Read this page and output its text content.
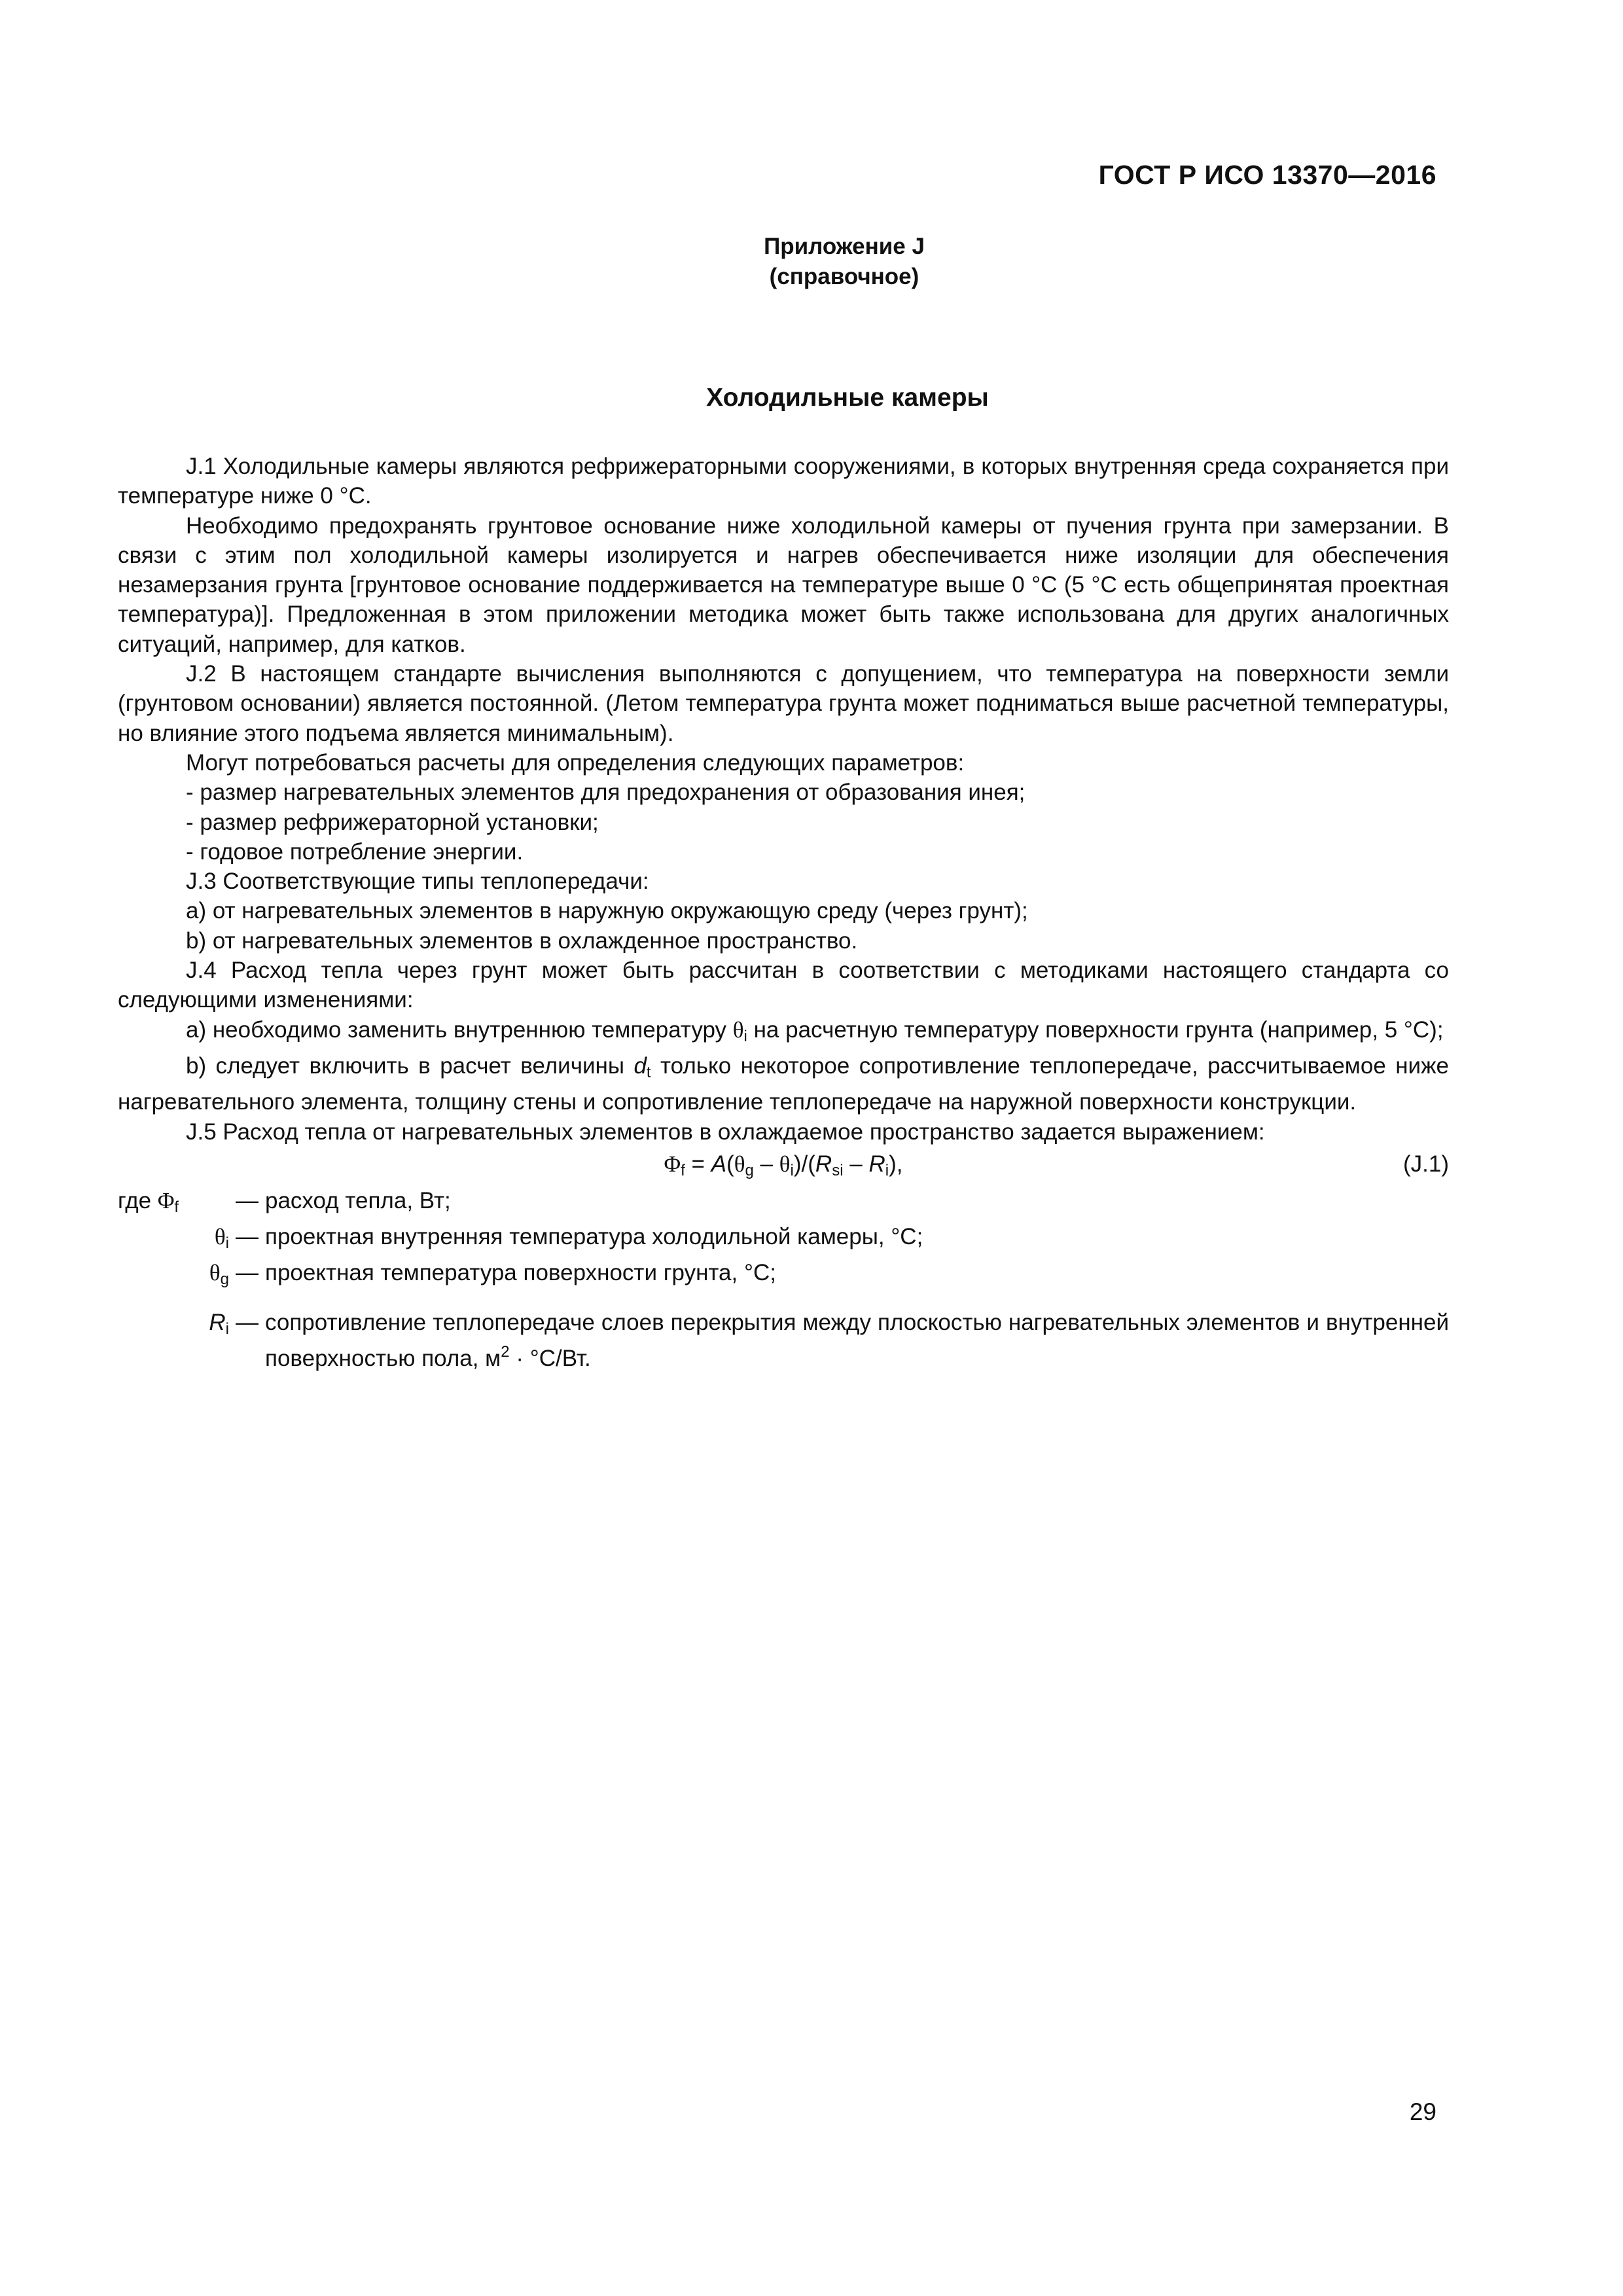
ГОСТ Р ИСО 13370—2016
Приложение J
(справочное)
Холодильные камеры

J.1 Холодильные камеры являются рефрижераторными сооружениями, в которых внутренняя среда сохраняется при температуре ниже 0 °С.

Необходимо предохранять грунтовое основание ниже холодильной камеры от пучения грунта при замерзании. В связи с этим пол холодильной камеры изолируется и нагрев обеспечивается ниже изоляции для обеспечения незамерзания грунта [грунтовое основание поддерживается на температуре выше 0 °С (5 °С есть общепринятая проектная температура)]. Предложенная в этом приложении методика может быть также использована для других аналогичных ситуаций, например, для катков.

J.2 В настоящем стандарте вычисления выполняются с допущением, что температура на поверхности земли (грунтовом основании) является постоянной. (Летом температура грунта может подниматься выше расчетной температуры, но влияние этого подъема является минимальным).

Могут потребоваться расчеты для определения следующих параметров:

- размер нагревательных элементов для предохранения от образования инея;

- размер рефрижераторной установки;

- годовое потребление энергии.

J.3 Соответствующие типы теплопередачи:

a) от нагревательных элементов в наружную окружающую среду (через грунт);

b) от нагревательных элементов в охлажденное пространство.

J.4 Расход тепла через грунт может быть рассчитан в соответствии с методиками настоящего стандарта со следующими изменениями:

a) необходимо заменить внутреннюю температуру $\theta_i$ на расчетную температуру поверхности грунта (например, 5 °С);

b) следует включить в расчет величины $d_t$ только некоторое сопротивление теплопередаче, рассчитываемое ниже нагревательного элемента, толщину стены и сопротивление теплопередаче на наружной поверхности конструкции.

J.5 Расход тепла от нагревательных элементов в охлаждаемое пространство задается выражением:

$\Phi_f = A(\theta_g - \theta_i)/(R_{si} - R_i)$,	(J.1)
где $\Phi_f$	— расход тепла, Вт;
$\theta_i$ — проектная внутренняя температура холодильной камеры, °С;
$\theta_g$ — проектная температура поверхности грунта, °С;
$R_i$ — сопротивление теплопередаче слоев перекрытия между плоскостью нагревательных элементов и внутренней поверхностью пола, $м^2 \cdot ^\circ С/Вт$.
29
